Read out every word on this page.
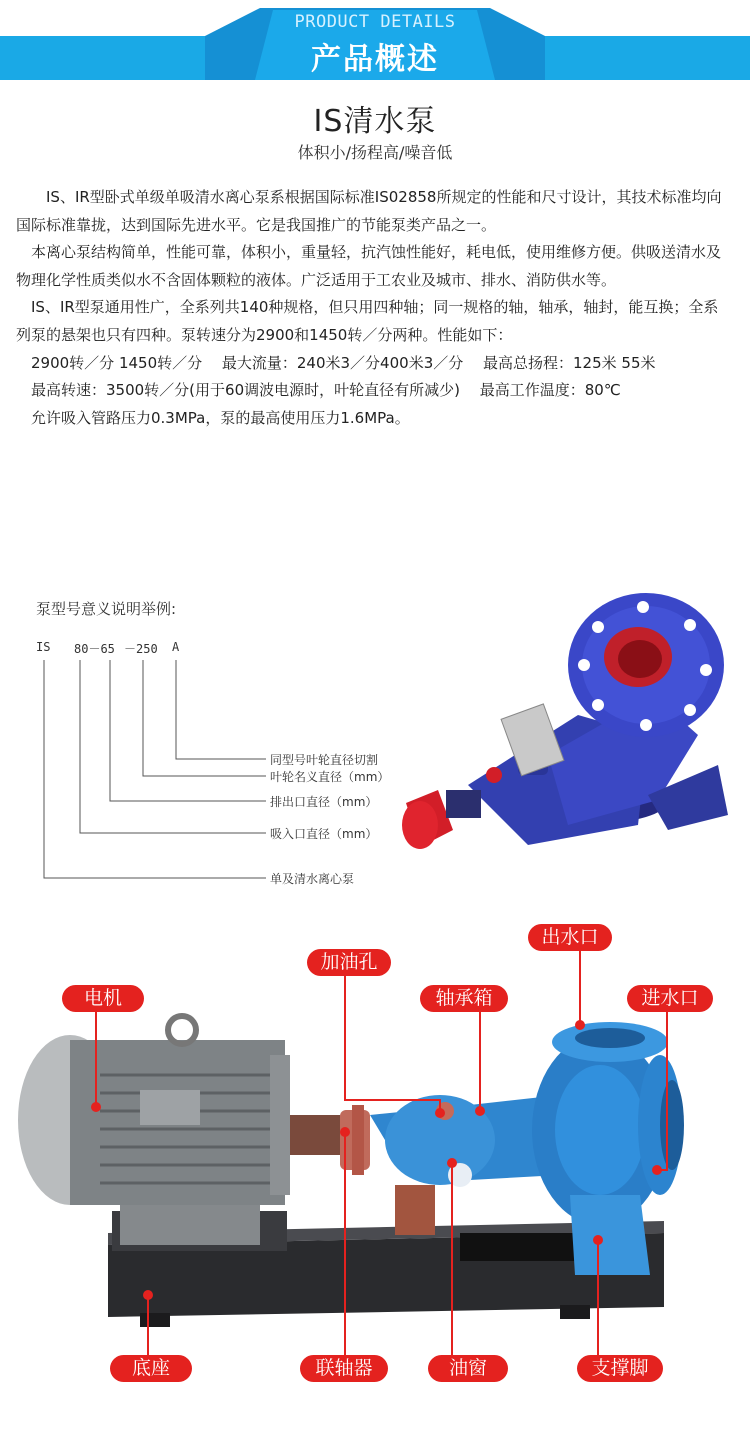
PRODUCT DETAILS
产品概述
IS清水泵
体积小/扬程高/噪音低

　　IS、IR型卧式单级单吸清水离心泵系根据国际标准IS02858所规定的性能和尺寸设计，其技术标准均向国际标准靠拢，达到国际先进水平。它是我国推广的节能泵类产品之一。

　本离心泵结构简单，性能可靠，体积小，重量轻，抗汽蚀性能好，耗电低，使用维修方便。供吸送清水及物理化学性质类似水不含固体颗粒的液体。广泛适用于工农业及城市、排水、消防供水等。

　IS、IR型泵通用性广，全系列共140种规格，但只用四种轴；同一规格的轴，轴承，轴封，能互换；全系列泵的悬架也只有四种。泵转速分为2900和1450转／分两种。性能如下：

　2900转／分 1450转／分　 最大流量：240米3／分400米3／分　 最高总扬程：125米 55米

　最高转速：3500转／分(用于60调波电源时，叶轮直径有所减少)　 最高工作温度：80℃

　允许吸入管路压力0.3MPa，泵的最高使用压力1.6MPa。

泵型号意义说明举例:
IS 80－65 －250 A
同型号叶轮直径切割
叶轮名义直径（mm）
排出口直径（mm）
吸入口直径（mm）
单及清水离心泵
电机
加油孔
轴承箱
出水口
进水口
底座	联轴器	油窗	支撑脚
